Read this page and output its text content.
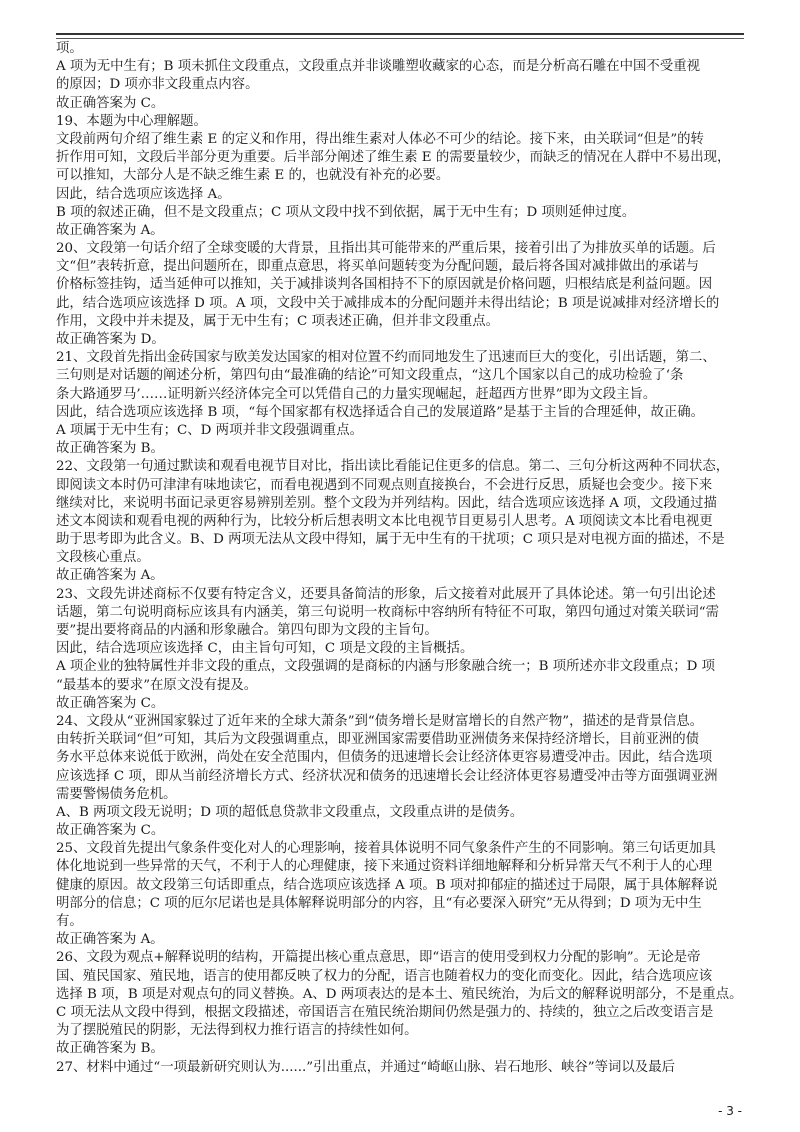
项。
A 项为无中生有；B 项未抓住文段重点，文段重点并非谈雕塑收藏家的心态，而是分析高石雕在中国不受重视
的原因；D 项亦非文段重点内容。
故正确答案为 C。
19、本题为中心理解题。
文段前两句介绍了维生素 E 的定义和作用，得出维生素对人体必不可少的结论。接下来，由关联词“但是”的转
折作用可知，文段后半部分更为重要。后半部分阐述了维生素 E 的需要量较少，而缺乏的情况在人群中不易出现，
可以推知，大部分人是不缺乏维生素 E 的，也就没有补充的必要。
因此，结合选项应该选择 A。
B 项的叙述正确，但不是文段重点；C 项从文段中找不到依据，属于无中生有；D 项则延伸过度。
故正确答案为 A。
20、文段第一句话介绍了全球变暖的大背景，且指出其可能带来的严重后果，接着引出了为排放买单的话题。后
文“但”表转折意，提出问题所在，即重点意思，将买单问题转变为分配问题，最后将各国对减排做出的承诺与
价格标签挂钩，适当延伸可以推知，关于减排谈判各国相持不下的原因就是价格问题，归根结底是利益问题。因
此，结合选项应该选择 D 项。A 项，文段中关于减排成本的分配问题并未得出结论；B 项是说减排对经济增长的
作用，文段中并未提及，属于无中生有；C 项表述正确，但并非文段重点。
故正确答案为 D。
21、文段首先指出金砖国家与欧美发达国家的相对位置不约而同地发生了迅速而巨大的变化，引出话题，第二、
三句则是对话题的阐述分析，第四句由“最准确的结论”可知文段重点，“这几个国家以自己的成功检验了‘条
条大路通罗马’……证明新兴经济体完全可以凭借自己的力量实现崛起，赶超西方世界”即为文段主旨。
因此，结合选项应该选择 B 项，“每个国家都有权选择适合自己的发展道路”是基于主旨的合理延伸，故正确。
A 项属于无中生有；C、D 两项并非文段强调重点。
故正确答案为 B。
22、文段第一句通过默读和观看电视节目对比，指出读比看能记住更多的信息。第二、三句分析这两种不同状态，
即阅读文本时仍可津津有味地读它，而看电视遇到不同观点则直接换台，不会进行反思，质疑也会变少。接下来
继续对比，来说明书面记录更容易辨别差别。整个文段为并列结构。因此，结合选项应该选择 A 项，文段通过描
述文本阅读和观看电视的两种行为，比较分析后想表明文本比电视节目更易引人思考。A 项阅读文本比看电视更
助于思考即为此含义。B、D 两项无法从文段中得知，属于无中生有的干扰项；C 项只是对电视方面的描述，不是
文段核心重点。
故正确答案为 A。
23、文段先讲述商标不仅要有特定含义，还要具备简洁的形象，后文接着对此展开了具体论述。第一句引出论述
话题，第二句说明商标应该具有内涵美，第三句说明一枚商标中容纳所有特征不可取，第四句通过对策关联词“需
要”提出要将商品的内涵和形象融合。第四句即为文段的主旨句。
因此，结合选项应该选择 C，由主旨句可知，C 项是文段的主旨概括。
A 项企业的独特属性并非文段的重点，文段强调的是商标的内涵与形象融合统一；B 项所述亦非文段重点；D 项
“最基本的要求”在原文没有提及。
故正确答案为 C。
24、文段从“亚洲国家躲过了近年来的全球大萧条”到“债务增长是财富增长的自然产物”，描述的是背景信息。
由转折关联词“但”可知，其后为文段强调重点，即亚洲国家需要借助亚洲债务来保持经济增长，目前亚洲的债
务水平总体来说低于欧洲，尚处在安全范围内，但债务的迅速增长会让经济体更容易遭受冲击。因此，结合选项
应该选择 C 项，即从当前经济增长方式、经济状况和债务的迅速增长会让经济体更容易遭受冲击等方面强调亚洲
需要警惕债务危机。
A、B 两项文段无说明；D 项的超低息贷款非文段重点，文段重点讲的是债务。
故正确答案为 C。
25、文段首先提出气象条件变化对人的心理影响，接着具体说明不同气象条件产生的不同影响。第三句话更加具
体化地说到一些异常的天气，不利于人的心理健康，接下来通过资料详细地解释和分析异常天气不利于人的心理
健康的原因。故文段第三句话即重点，结合选项应该选择 A 项。B 项对抑郁症的描述过于局限，属于具体解释说
明部分的信息；C 项的厄尔尼诺也是具体解释说明部分的内容，且“有必要深入研究”无从得到；D 项为无中生
有。
故正确答案为 A。
26、文段为观点+解释说明的结构，开篇提出核心重点意思，即“语言的使用受到权力分配的影响”。无论是帝
国、殖民国家、殖民地，语言的使用都反映了权力的分配，语言也随着权力的变化而变化。因此，结合选项应该
选择 B 项，B 项是对观点句的同义替换。A、D 两项表达的是本土、殖民统治，为后文的解释说明部分，不是重点。
C 项无法从文段中得到，根据文段描述，帝国语言在殖民统治期间仍然是强力的、持续的，独立之后改变语言是
为了摆脱殖民的阴影，无法得到权力推行语言的持续性如何。
故正确答案为 B。
27、材料中通过“一项最新研究则认为......”引出重点，并通过“崎岖山脉、岩石地形、峡谷”等词以及最后
- 3 -
